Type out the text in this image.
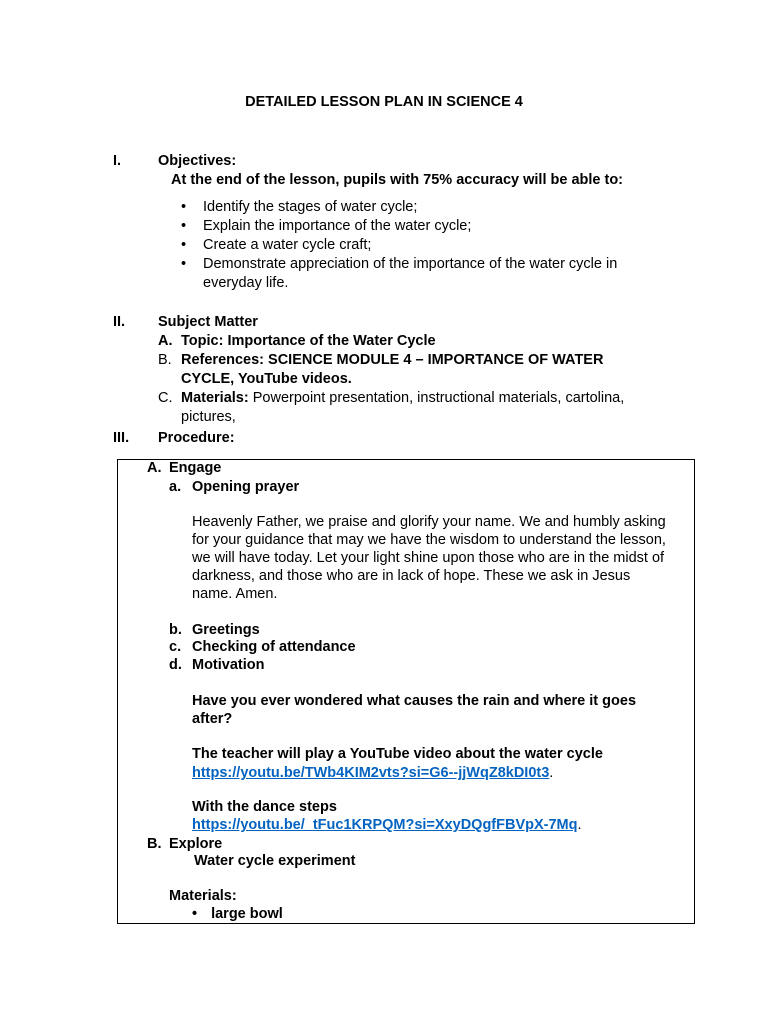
DETAILED LESSON PLAN IN SCIENCE 4
I.	Objectives:
At the end of the lesson, pupils with 75% accuracy will be able to:
• Identify the stages of water cycle;
• Explain the importance of the water cycle;
• Create a water cycle craft;
• Demonstrate appreciation of the importance of the water cycle in
everyday life.
II.	Subject Matter
A. Topic: Importance of the Water Cycle
B. References: SCIENCE MODULE 4 – IMPORTANCE OF WATER
CYCLE, YouTube videos.
C. Materials: Powerpoint presentation, instructional materials, cartolina,
pictures,
III.	Procedure:
A. Engage
a. Opening prayer
Heavenly Father, we praise and glorify your name. We and humbly asking
for your guidance that may we have the wisdom to understand the lesson,
we will have today. Let your light shine upon those who are in the midst of
darkness, and those who are in lack of hope. These we ask in Jesus
name. Amen.
b. Greetings
c. Checking of attendance
d. Motivation
Have you ever wondered what causes the rain and where it goes
after?
The teacher will play a YouTube video about the water cycle
https://youtu.be/TWb4KIM2vts?si=G6--jjWqZ8kDI0t3.
With the dance steps
https://youtu.be/_tFuc1KRPQM?si=XxyDQgfFBVpX-7Mq.
B. Explore
Water cycle experiment
Materials:
• large bowl
